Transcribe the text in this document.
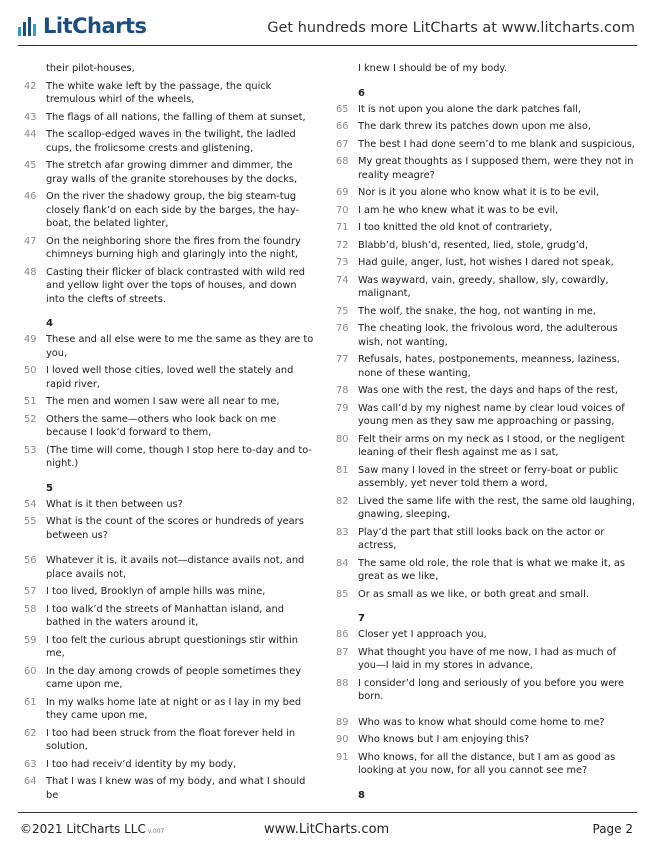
LitCharts	Get hundreds more LitCharts at www.litcharts.com
their pilot-houses,
42 The white wake left by the passage, the quick tremulous whirl of the wheels,
43 The flags of all nations, the falling of them at sunset,
44 The scallop-edged waves in the twilight, the ladled cups, the frolicsome crests and glistening,
45 The stretch afar growing dimmer and dimmer, the gray walls of the granite storehouses by the docks,
46 On the river the shadowy group, the big steam-tug closely flank’d on each side by the barges, the hay-boat, the belated lighter,
47 On the neighboring shore the fires from the foundry chimneys burning high and glaringly into the night,
48 Casting their flicker of black contrasted with wild red and yellow light over the tops of houses, and down into the clefts of streets.
4
49 These and all else were to me the same as they are to you,
50 I loved well those cities, loved well the stately and rapid river,
51 The men and women I saw were all near to me,
52 Others the same—others who look back on me because I look’d forward to them,
53 (The time will come, though I stop here to-day and to-night.)
5
54 What is it then between us?
55 What is the count of the scores or hundreds of years between us?
56 Whatever it is, it avails not—distance avails not, and place avails not,
57 I too lived, Brooklyn of ample hills was mine,
58 I too walk’d the streets of Manhattan island, and bathed in the waters around it,
59 I too felt the curious abrupt questionings stir within me,
60 In the day among crowds of people sometimes they came upon me,
61 In my walks home late at night or as I lay in my bed they came upon me,
62 I too had been struck from the float forever held in solution,
63 I too had receiv’d identity by my body,
64 That I was I knew was of my body, and what I should be
I knew I should be of my body.
6
65 It is not upon you alone the dark patches fall,
66 The dark threw its patches down upon me also,
67 The best I had done seem’d to me blank and suspicious,
68 My great thoughts as I supposed them, were they not in reality meagre?
69 Nor is it you alone who know what it is to be evil,
70 I am he who knew what it was to be evil,
71 I too knitted the old knot of contrariety,
72 Blabb’d, blush’d, resented, lied, stole, grudg’d,
73 Had guile, anger, lust, hot wishes I dared not speak,
74 Was wayward, vain, greedy, shallow, sly, cowardly, malignant,
75 The wolf, the snake, the hog, not wanting in me,
76 The cheating look, the frivolous word, the adulterous wish, not wanting,
77 Refusals, hates, postponements, meanness, laziness, none of these wanting,
78 Was one with the rest, the days and haps of the rest,
79 Was call’d by my nighest name by clear loud voices of young men as they saw me approaching or passing,
80 Felt their arms on my neck as I stood, or the negligent leaning of their flesh against me as I sat,
81 Saw many I loved in the street or ferry-boat or public assembly, yet never told them a word,
82 Lived the same life with the rest, the same old laughing, gnawing, sleeping,
83 Play’d the part that still looks back on the actor or actress,
84 The same old role, the role that is what we make it, as great as we like,
85 Or as small as we like, or both great and small.
7
86 Closer yet I approach you,
87 What thought you have of me now, I had as much of you—I laid in my stores in advance,
88 I consider’d long and seriously of you before you were born.
89 Who was to know what should come home to me?
90 Who knows but I am enjoying this?
91 Who knows, for all the distance, but I am as good as looking at you now, for all you cannot see me?
8
©2021 LitCharts LLC v.007	www.LitCharts.com	Page 2
